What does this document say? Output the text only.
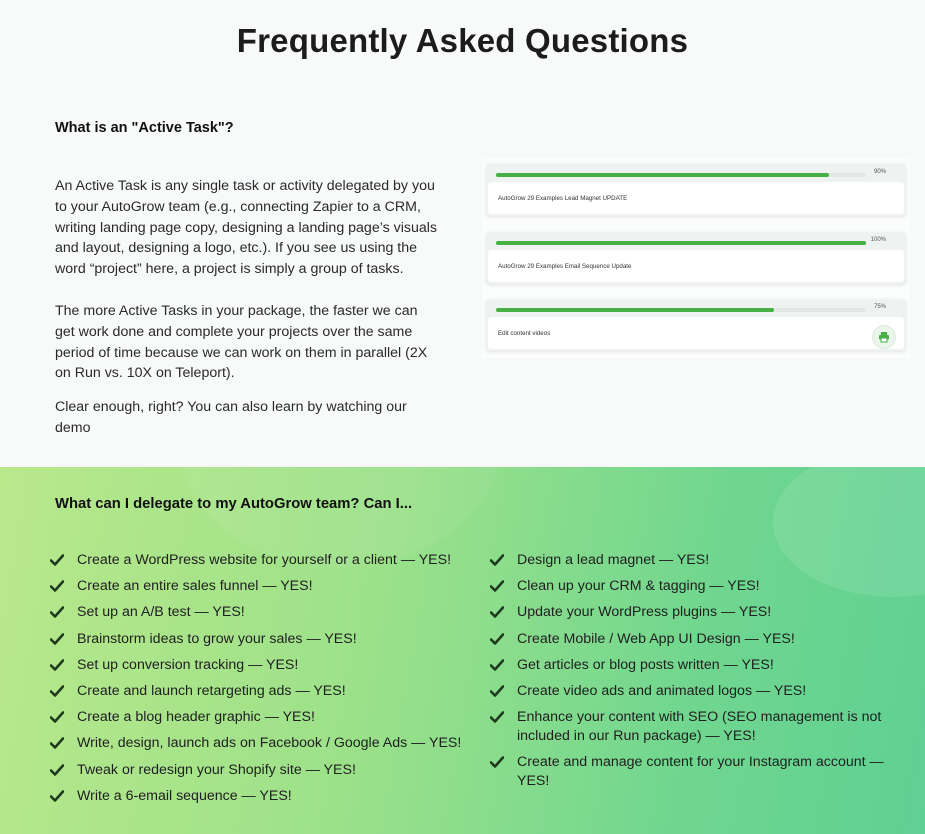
Frequently Asked Questions
What is an "Active Task"?
An Active Task is any single task or activity delegated by you to your AutoGrow team (e.g., connecting Zapier to a CRM, writing landing page copy, designing a landing page’s visuals and layout, designing a logo, etc.). If you see us using the word “project” here, a project is simply a group of tasks.
The more Active Tasks in your package, the faster we can get work done and complete your projects over the same period of time because we can work on them in parallel (2X on Run vs. 10X on Teleport).
Clear enough, right? You can also learn by watching our demo
90%
AutoGrow 29 Examples Lead Magnet UPDATE
100%
AutoGrow 29 Examples Email Sequence Update
75%
Edit content videos
What can I delegate to my AutoGrow team? Can I...
Create a WordPress website for yourself or a client — YES!
Create an entire sales funnel — YES!
Set up an A/B test — YES!
Brainstorm ideas to grow your sales — YES!
Set up conversion tracking — YES!
Create and launch retargeting ads — YES!
Create a blog header graphic — YES!
Write, design, launch ads on Facebook / Google Ads — YES!
Tweak or redesign your Shopify site — YES!
Write a 6-email sequence — YES!
Design a lead magnet — YES!
Clean up your CRM & tagging — YES!
Update your WordPress plugins — YES!
Create Mobile / Web App UI Design — YES!
Get articles or blog posts written — YES!
Create video ads and animated logos — YES!
Enhance your content with SEO (SEO management is not included in our Run package) — YES!
Create and manage content for your Instagram account — YES!
